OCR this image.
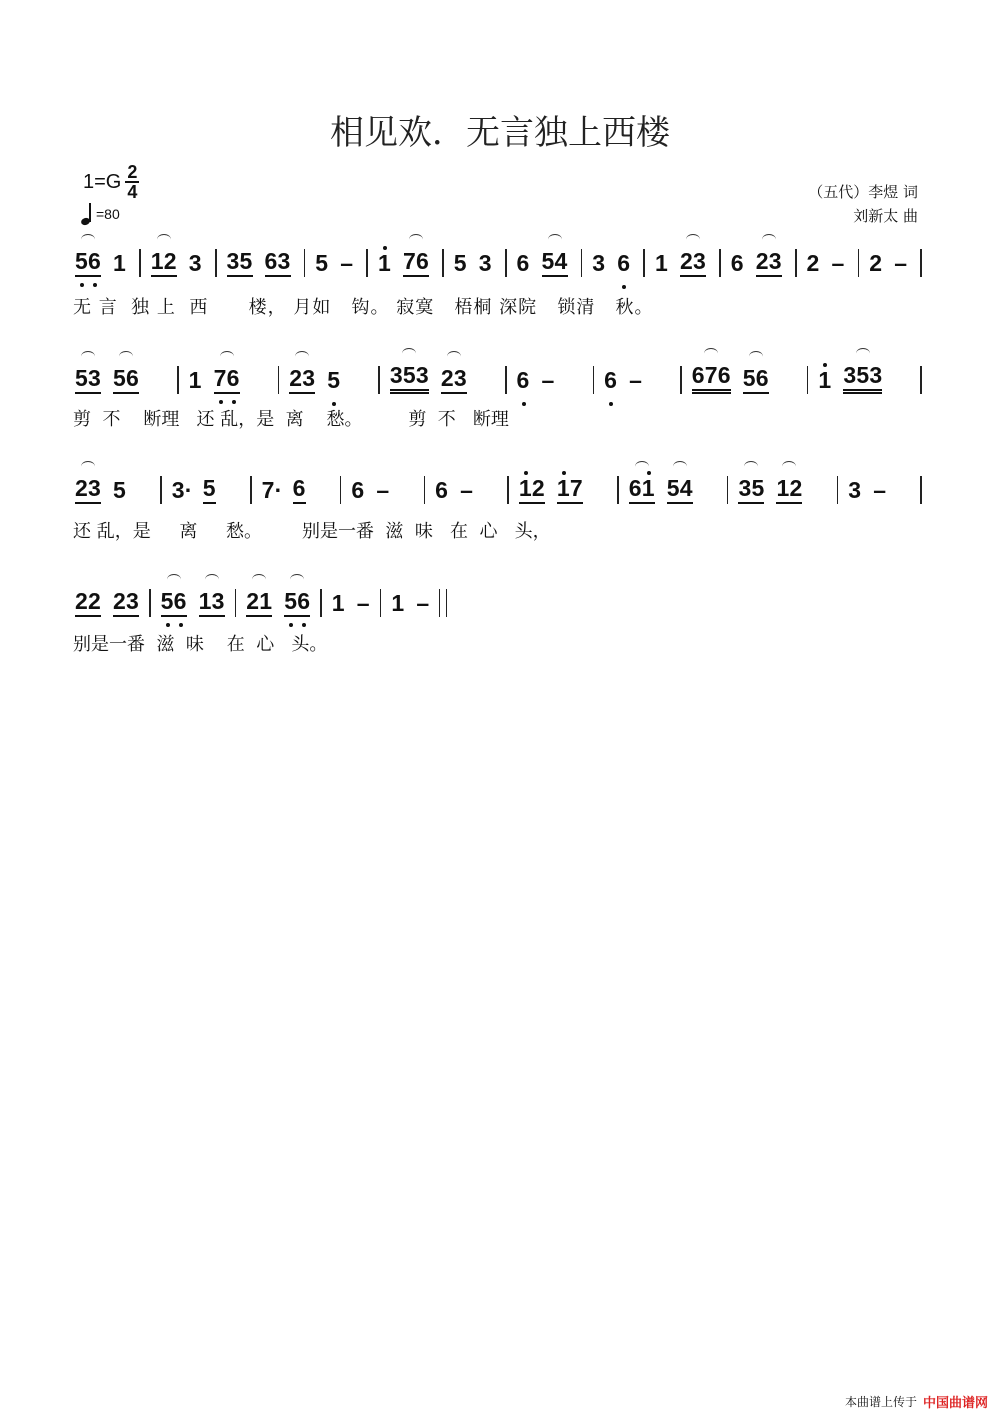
相见欢．无言独上西楼
$1=G \frac{2}{4}$
=80
（五代）李煜 词
刘新太 曲
5 6 1 1 2 3 3 5 6 3 5 – 1 7 6 5 3 6 5 4 3 6 1 2 3 6 2 3 2 – 2 –
无 言  独 上  西      楼， 月如   钩。 寂寞   梧桐 深院   锁清   秋。
5 3 5 6 1 7 6 2 3 5 3 5 3 2 3 6 – 6 – 6 7 6 5 6 1 3 5 3
剪  不    断理   还 乱，是  离    愁。        剪  不   断理
2 3 5 3 · 5 7 · 6 6 – 6 – 1 2 1 7 6 1 5 4 3 5 1 2 3 –
还 乱，是     离     愁。       别是一番  滋  味   在  心   头，
2 2 2 3 5 6 1 3 2 1 5 6 1 – 1 –
别是一番  滋  味    在  心   头。
本曲谱上传于 中国曲谱网
